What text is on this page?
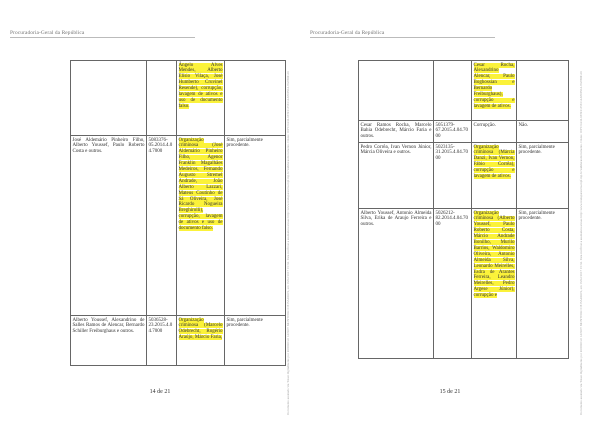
Procuradoria-Geral da República
		Ângelo Alves Mendes, Alberto Elísio Vilaça, José Humberto Cruvinel Resende), corrupção, lavagem de ativos e uso de documento falso.	
José Aldemário Pinheiro Filho, Alberto Youssef, Paulo Roberto Costa e outros.	5083376-05.2014.4.04.7000	Organização criminosa (José Aldemário Pinheiro Filho, Agenor Franklin Magalhães Medeiros, Fernando Augusto Stremel Andrade, João Alberto Lazzari, Mateus Coutinho de Sá Oliveira, José Ricardo Nogueira Breghirolli), corrupção, lavagem de ativos e uso de documento falso.	Sim, parcialmente procedente.
Alberto Youssef, Alexandrino de Salles Ramos de Alencar, Bernardo Schiller Freiburghaus e outros.	5036528-23.2015.4.04.7000	Organização criminosa (Marcelo Odebrecht, Rogério Araújo, Márcio Faria,	Sim, parcialmente procedente.	Documento assinado via Token digitalmente por RODRIGO JANOT MONTEIRO DE BARROS, em 16/02/2017 16:34. Para verificar a assinatura acesse http://www.transparencia.mpf.mp.br/validacaodocumento. Chave 1DFC6A34.0E6CC35E.C4A8DB6A.8A8B9C20
14 de 21
Procuradoria-Geral da República
		Cesar Rocha, Alexandrino Alencar, Paulo Boghossian e Bernardo Freiburghaus), corrupção e lavagem de ativos.	
Cesar Ramos Rocha, Marcelo Bahia Odebrecht, Márcio Faria e outros.	5051379-67.2015.4.04.7000	Corrupção.	Não.
Pedro Corrêa, Ivan Vernon Júnior, Márcia Oliveira e outros.	5023135-31.2015.4.04.7000	Organização criminosa (Márcia Danzi, Ivan Vernon, Fábio Corrêa), corrupção e lavagem de ativos.	Sim, parcialmente procedente.
Alberto Youssef, Antonio Almeida Silva, Erika de Araujo Ferreira e outros.	5026212-82.2014.4.04.7000	Organização criminosa (Alberto Youssef, Paulo Roberto Costa, Márcio Andrade Bonilho, Murilo Barrios, Waldomiro Oliveira, Antonio Almeida Silva, Leonardo Meirelles, Esdra de Arantes Ferreira, Leandro Meirelles, Pedro Argese Júnior), corrupção e	Sim, parcialmente procedente.	Documento assinado via Token digitalmente por RODRIGO JANOT MONTEIRO DE BARROS, em 16/02/2017 16:34. Para verificar a assinatura acesse http://www.transparencia.mpf.mp.br/validacaodocumento. Chave 1DFC6A34.0E6CC35E.C4A8DB6A.8A8B9C20
15 de 21
